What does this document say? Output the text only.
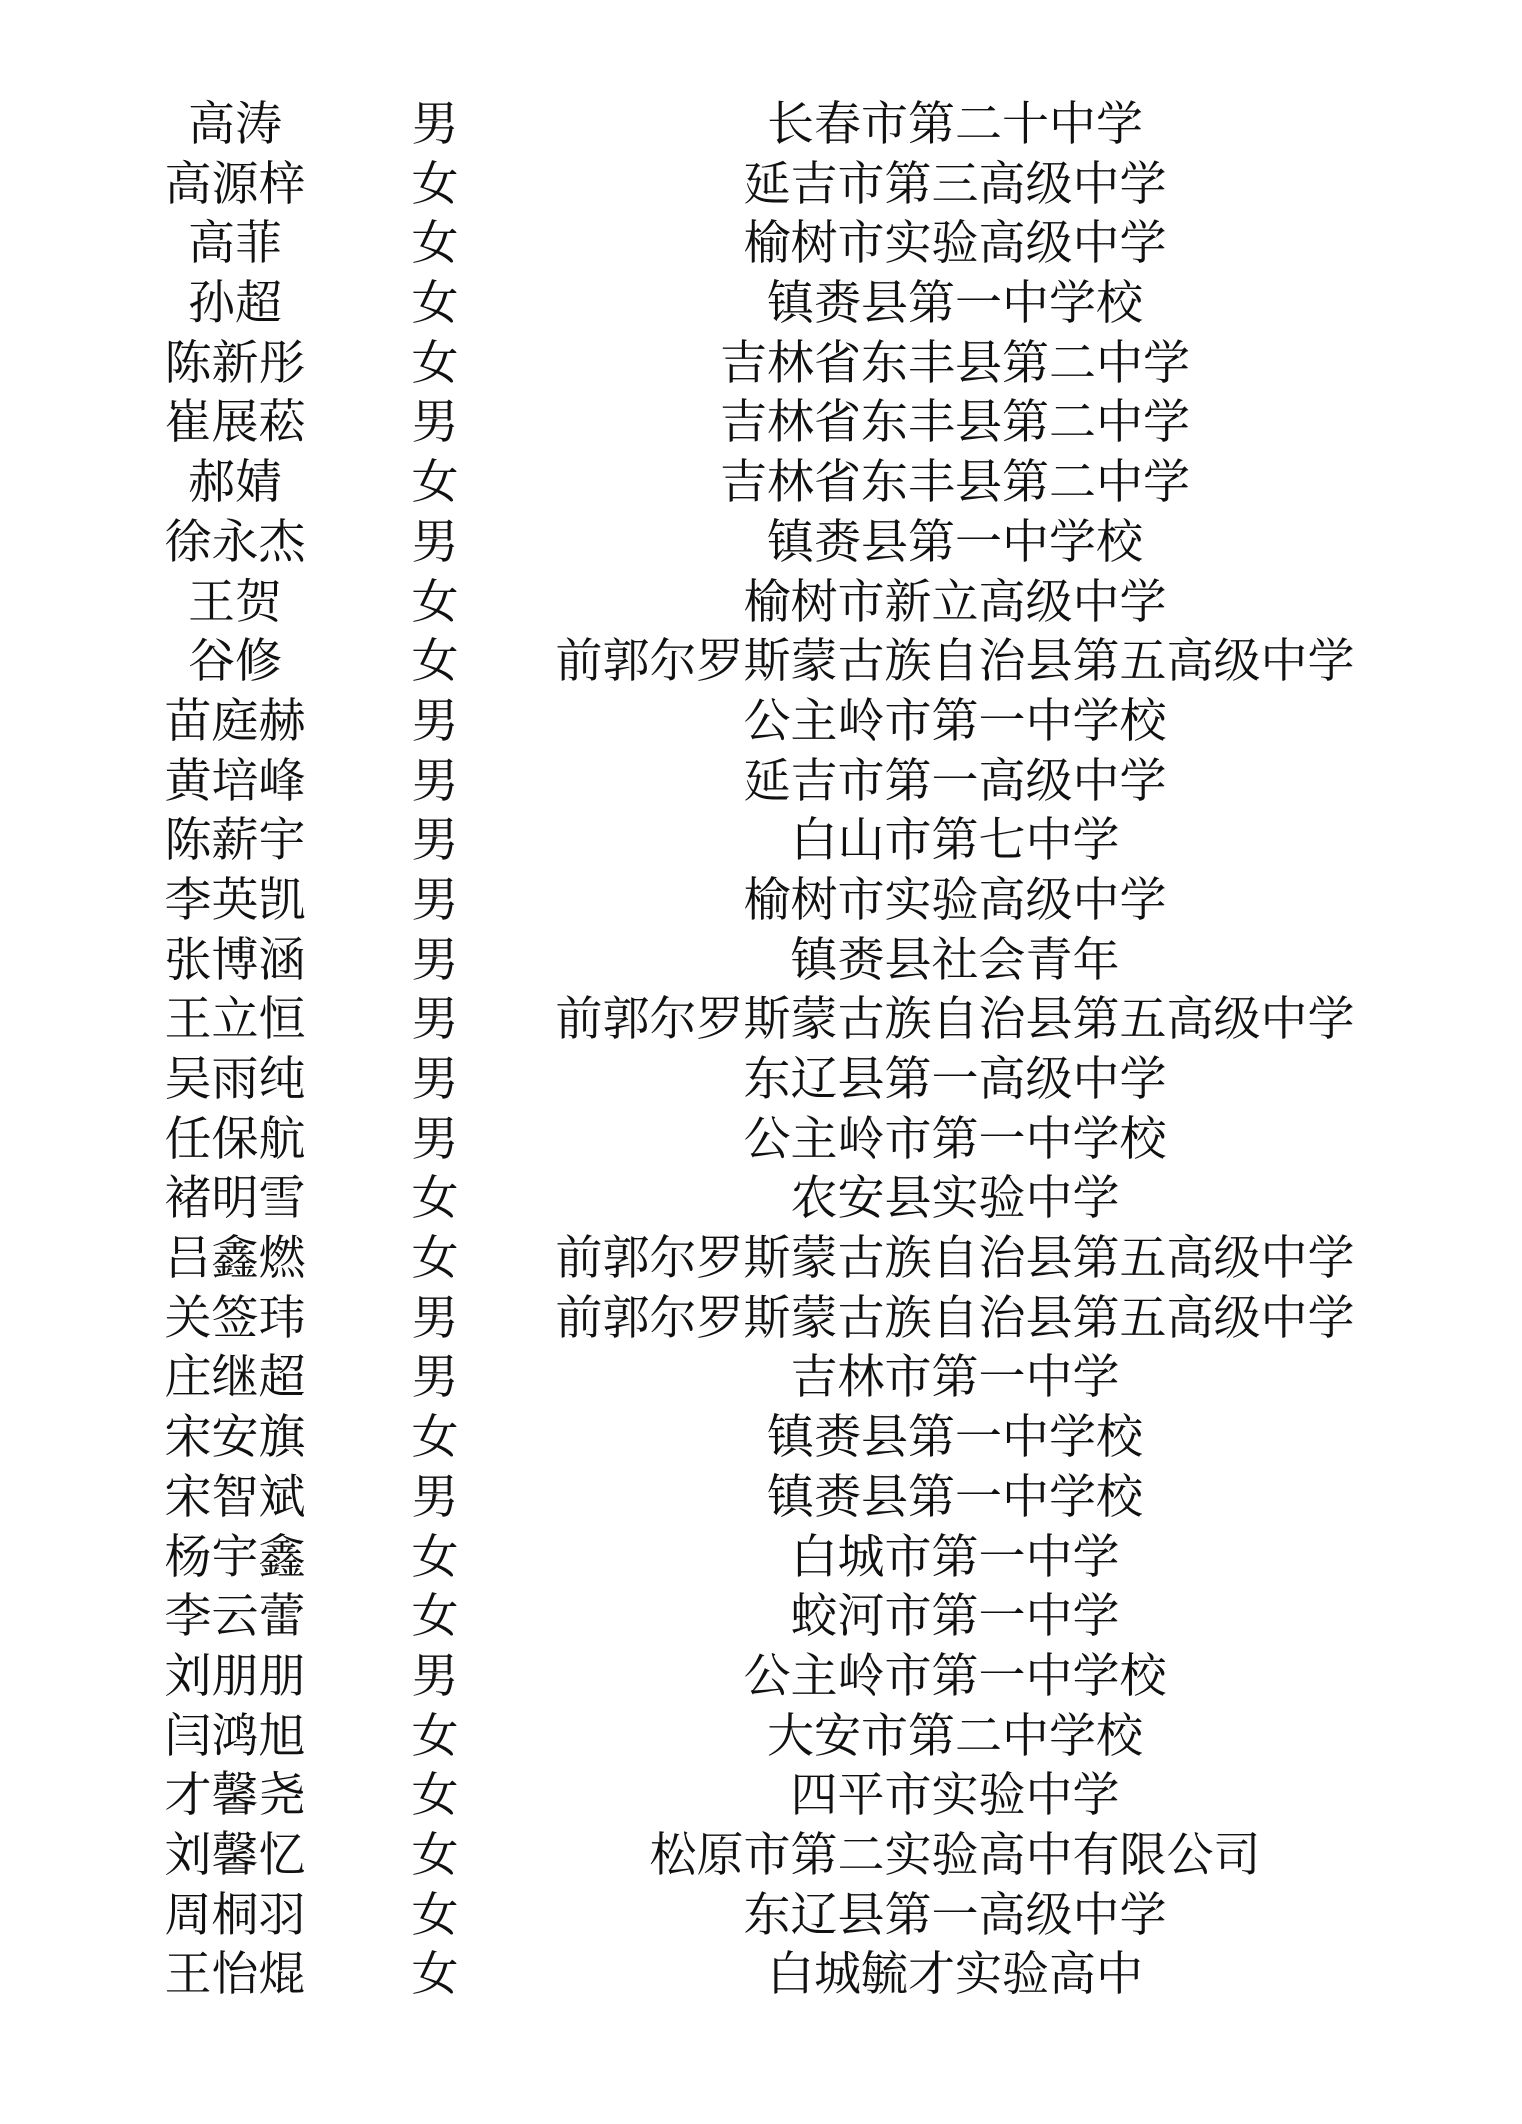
高涛	男	长春市第二十中学
高源梓	女	延吉市第三高级中学
高菲	女	榆树市实验高级中学
孙超	女	镇赉县第一中学校
陈新彤	女	吉林省东丰县第二中学
崔展菘	男	吉林省东丰县第二中学
郝婧	女	吉林省东丰县第二中学
徐永杰	男	镇赉县第一中学校
王贺	女	榆树市新立高级中学
谷修	女	前郭尔罗斯蒙古族自治县第五高级中学
苗庭赫	男	公主岭市第一中学校
黄培峰	男	延吉市第一高级中学
陈薪宇	男	白山市第七中学
李英凯	男	榆树市实验高级中学
张博涵	男	镇赉县社会青年
王立恒	男	前郭尔罗斯蒙古族自治县第五高级中学
吴雨纯	男	东辽县第一高级中学
任保航	男	公主岭市第一中学校
褚明雪	女	农安县实验中学
吕鑫燃	女	前郭尔罗斯蒙古族自治县第五高级中学
关签玮	男	前郭尔罗斯蒙古族自治县第五高级中学
庄继超	男	吉林市第一中学
宋安旗	女	镇赉县第一中学校
宋智斌	男	镇赉县第一中学校
杨宇鑫	女	白城市第一中学
李云蕾	女	蛟河市第一中学
刘朋朋	男	公主岭市第一中学校
闫鸿旭	女	大安市第二中学校
才馨尧	女	四平市实验中学
刘馨忆	女	松原市第二实验高中有限公司
周桐羽	女	东辽县第一高级中学
王怡焜	女	白城毓才实验高中
